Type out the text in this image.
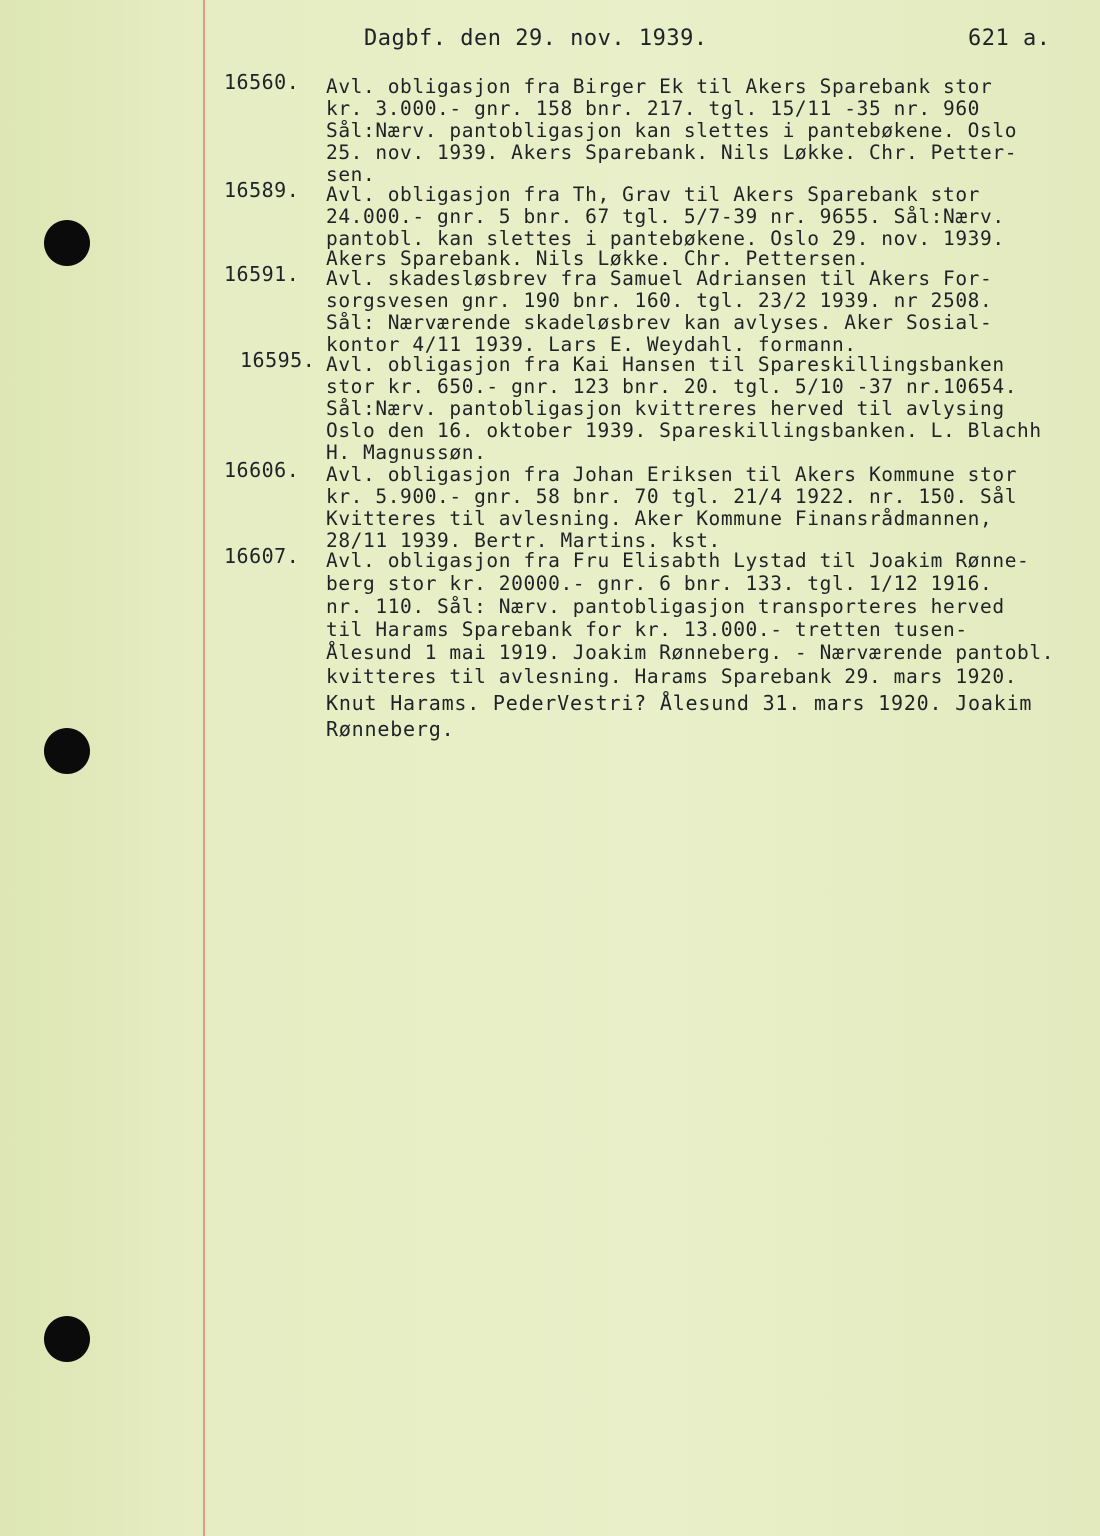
Dagbf. den 29. nov. 1939.	621 a.
16560. Avl. obligasjon fra Birger Ek til Akers Sparebank stor
kr. 3.000.- gnr. 158 bnr. 217. tgl. 15/11 -35 nr. 960
Sål:Nærv. pantobligasjon kan slettes i pantebøkene. Oslo
25. nov. 1939. Akers Sparebank. Nils Løkke. Chr. Petter-
sen.
16589. Avl. obligasjon fra Th, Grav til Akers Sparebank stor
24.000.- gnr. 5 bnr. 67 tgl. 5/7-39 nr. 9655. Sål:Nærv.
pantobl. kan slettes i pantebøkene. Oslo 29. nov. 1939.
Akers Sparebank. Nils Løkke. Chr. Pettersen.
16591. Avl. skadesløsbrev fra Samuel Adriansen til Akers For-
sorgsvesen gnr. 190 bnr. 160. tgl. 23/2 1939. nr 2508.
Sål: Nærværende skadeløsbrev kan avlyses. Aker Sosial-
kontor 4/11 1939. Lars E. Weydahl. formann.
16595. Avl. obligasjon fra Kai Hansen til Spareskillingsbanken
stor kr. 650.- gnr. 123 bnr. 20. tgl. 5/10 -37 nr.10654.
Sål:Nærv. pantobligasjon kvittreres herved til avlysing
Oslo den 16. oktober 1939. Spareskillingsbanken. L. Blachh
H. Magnussøn.
16606. Avl. obligasjon fra Johan Eriksen til Akers Kommune stor
kr. 5.900.- gnr. 58 bnr. 70 tgl. 21/4 1922. nr. 150. Sål
Kvitteres til avlesning. Aker Kommune Finansrådmannen,
28/11 1939. Bertr. Martins. kst.
16607. Avl. obligasjon fra Fru Elisabth Lystad til Joakim Rønne-
berg stor kr. 20000.- gnr. 6 bnr. 133. tgl. 1/12 1916.
nr. 110. Sål: Nærv. pantobligasjon transporteres herved
til Harams Sparebank for kr. 13.000.- tretten tusen-
Ålesund 1 mai 1919. Joakim Rønneberg. - Nærværende pantobl.
kvitteres til avlesning. Harams Sparebank 29. mars 1920.
Knut Harams. PederVestri? Ålesund 31. mars 1920. Joakim
Rønneberg.
